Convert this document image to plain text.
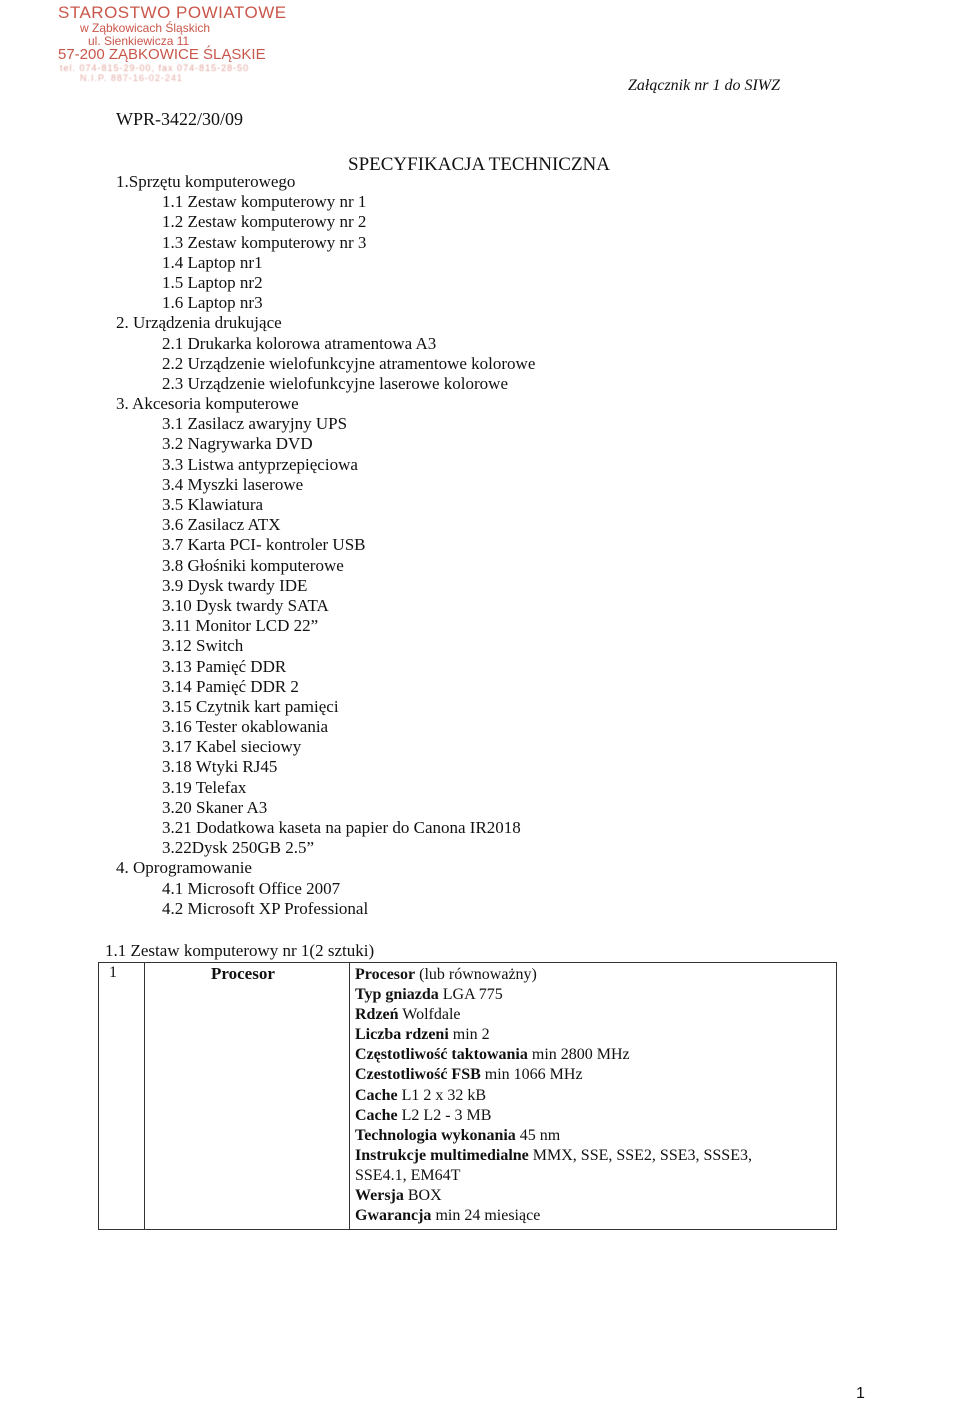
STAROSTWO POWIATOWE
w Ząbkowicach Śląskich
ul. Sienkiewicza 11
57-200 ZĄBKOWICE ŚLĄSKIE
tel. 074-815-29-00, fax 074-815-28-50
N.I.P. 887-16-02-241	Załącznik nr 1 do SIWZ
WPR-3422/30/09
SPECYFIKACJA TECHNICZNA
1.Sprzętu komputerowego
1.1 Zestaw komputerowy nr 1
1.2 Zestaw komputerowy nr 2
1.3 Zestaw komputerowy nr 3
1.4 Laptop nr1
1.5 Laptop nr2
1.6 Laptop nr3
2. Urządzenia drukujące
2.1 Drukarka kolorowa atramentowa A3
2.2 Urządzenie wielofunkcyjne atramentowe kolorowe
2.3 Urządzenie wielofunkcyjne laserowe kolorowe
3. Akcesoria komputerowe
3.1 Zasilacz awaryjny UPS
3.2 Nagrywarka DVD
3.3 Listwa antyprzepięciowa
3.4 Myszki laserowe
3.5 Klawiatura
3.6 Zasilacz ATX
3.7 Karta PCI- kontroler USB
3.8 Głośniki komputerowe
3.9 Dysk twardy IDE
3.10 Dysk twardy SATA
3.11 Monitor LCD 22”
3.12 Switch
3.13 Pamięć DDR
3.14 Pamięć DDR 2
3.15 Czytnik kart pamięci
3.16 Tester okablowania
3.17 Kabel sieciowy
3.18 Wtyki RJ45
3.19 Telefax
3.20 Skaner A3
3.21 Dodatkowa kaseta na papier do Canona IR2018
3.22Dysk 250GB 2.5”
4. Oprogramowanie
4.1 Microsoft Office 2007
4.2 Microsoft XP Professional
1.1 Zestaw komputerowy nr 1(2 sztuki)
1	Procesor	Procesor (lub równoważny)
Typ gniazda LGA 775
Rdzeń Wolfdale
Liczba rdzeni min 2
Częstotliwość taktowania min 2800 MHz
Czestotliwość FSB min 1066 MHz
Cache L1 2 x 32 kB
Cache L2 L2 - 3 MB
Technologia wykonania 45 nm
Instrukcje multimedialne MMX, SSE, SSE2, SSE3, SSSE3,
SSE4.1, EM64T
Wersja BOX
Gwarancja min 24 miesiące
1
